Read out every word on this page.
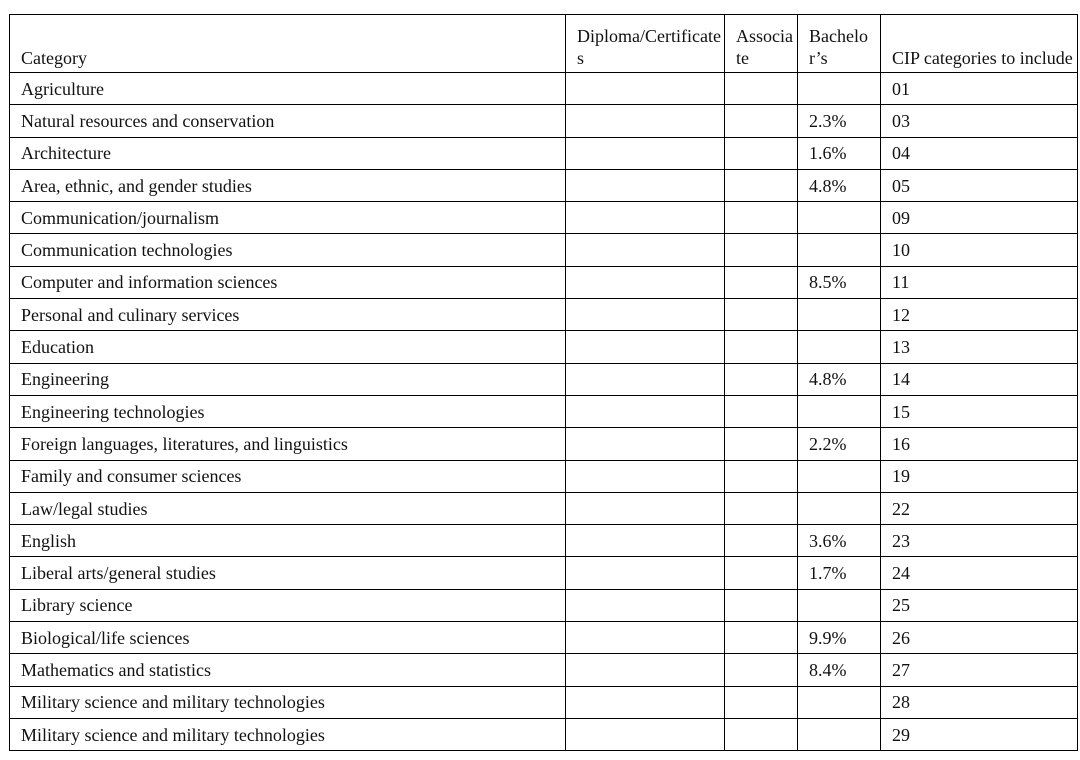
Category	Diploma/Certificates	Associate	Bachelor’s	CIP categories to include
Agriculture				01
Natural resources and conservation			2.3%	03
Architecture			1.6%	04
Area, ethnic, and gender studies			4.8%	05
Communication/journalism				09
Communication technologies				10
Computer and information sciences			8.5%	11
Personal and culinary services				12
Education				13
Engineering			4.8%	14
Engineering technologies				15
Foreign languages, literatures, and linguistics			2.2%	16
Family and consumer sciences				19
Law/legal studies				22
English			3.6%	23
Liberal arts/general studies			1.7%	24
Library science				25
Biological/life sciences			9.9%	26
Mathematics and statistics			8.4%	27
Military science and military technologies				28
Military science and military technologies				29
